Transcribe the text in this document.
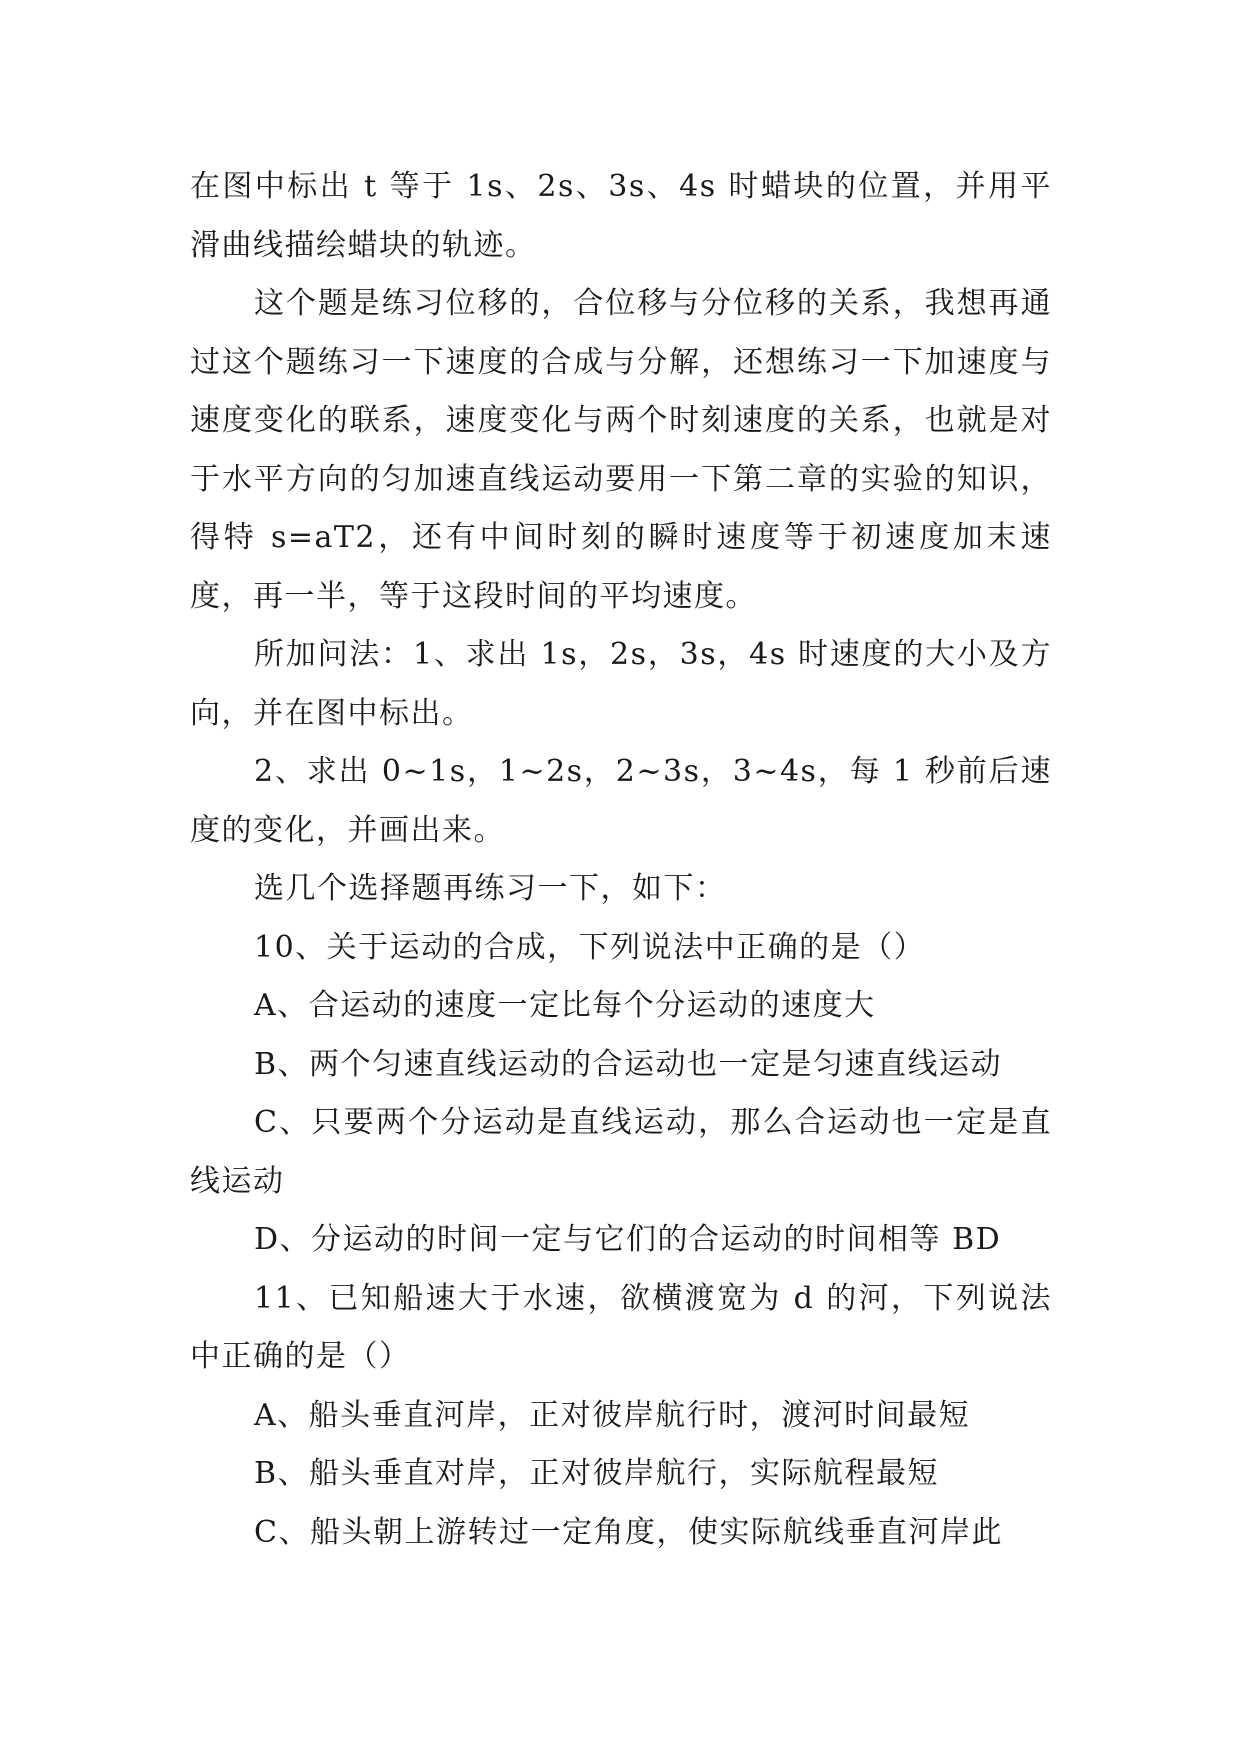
在图中标出 t 等于 1s、2s、3s、4s 时蜡块的位置，并用平滑曲线描绘蜡块的轨迹。

这个题是练习位移的，合位移与分位移的关系，我想再通过这个题练习一下速度的合成与分解，还想练习一下加速度与速度变化的联系，速度变化与两个时刻速度的关系，也就是对于水平方向的匀加速直线运动要用一下第二章的实验的知识，得特 s=aT2，还有中间时刻的瞬时速度等于初速度加末速度，再一半，等于这段时间的平均速度。

所加问法：1、求出 1s，2s，3s，4s 时速度的大小及方向，并在图中标出。

2、求出 0~1s，1~2s，2~3s，3~4s，每 1 秒前后速度的变化，并画出来。

选几个选择题再练习一下，如下：

10、关于运动的合成，下列说法中正确的是（）

A、合运动的速度一定比每个分运动的速度大

B、两个匀速直线运动的合运动也一定是匀速直线运动

C、只要两个分运动是直线运动，那么合运动也一定是直线运动

D、分运动的时间一定与它们的合运动的时间相等 BD

11、已知船速大于水速，欲横渡宽为 d 的河，下列说法中正确的是（）

A、船头垂直河岸，正对彼岸航行时，渡河时间最短

B、船头垂直对岸，正对彼岸航行，实际航程最短

C、船头朝上游转过一定角度，使实际航线垂直河岸此
